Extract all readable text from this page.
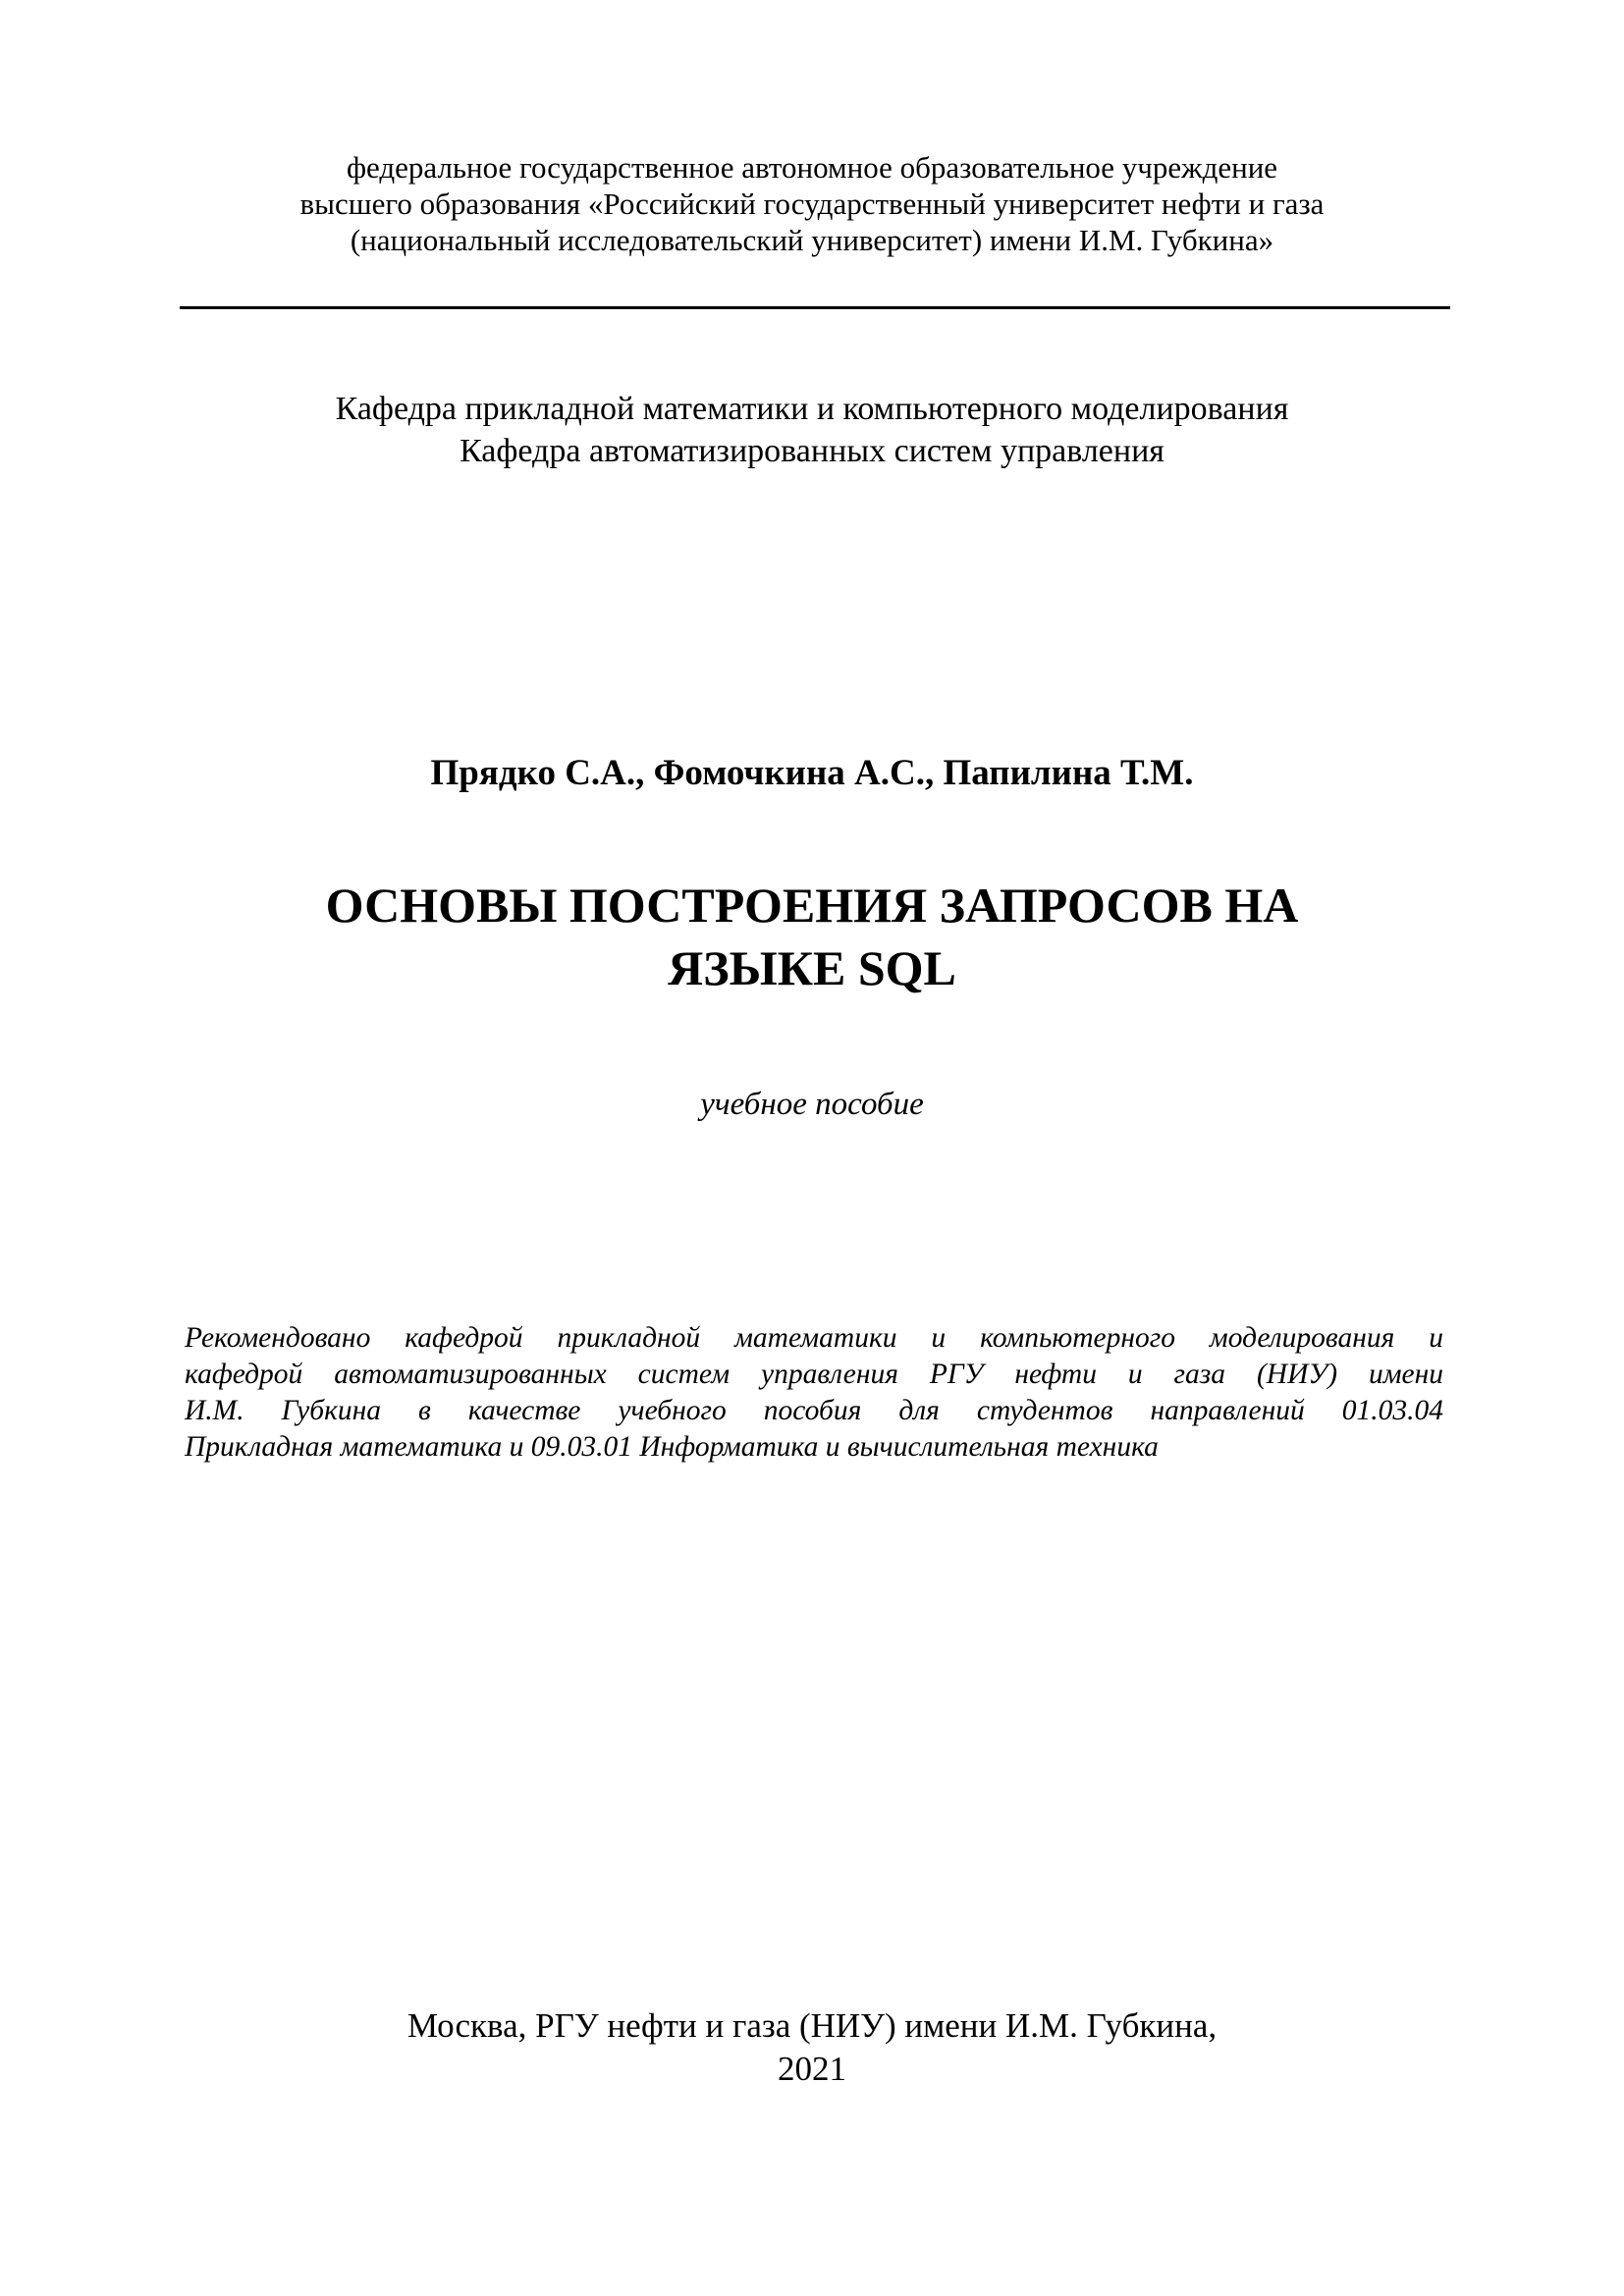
федеральное государственное автономное образовательное учреждение
высшего образования «Российский государственный университет нефти и газа
(национальный исследовательский университет) имени И.М. Губкина»
Кафедра прикладной математики и компьютерного моделирования
Кафедра автоматизированных систем управления
Прядко С.А., Фомочкина А.С., Папилина Т.М.
ОСНОВЫ ПОСТРОЕНИЯ ЗАПРОСОВ НА
ЯЗЫКЕ SQL
учебное пособие
Рекомендовано кафедрой прикладной математики и компьютерного моделирования и
кафедрой автоматизированных систем управления РГУ нефти и газа (НИУ) имени
И.М. Губкина в качестве учебного пособия для студентов направлений 01.03.04
Прикладная математика и 09.03.01 Информатика и вычислительная техника
Москва, РГУ нефти и газа (НИУ) имени И.М. Губкина,
2021
